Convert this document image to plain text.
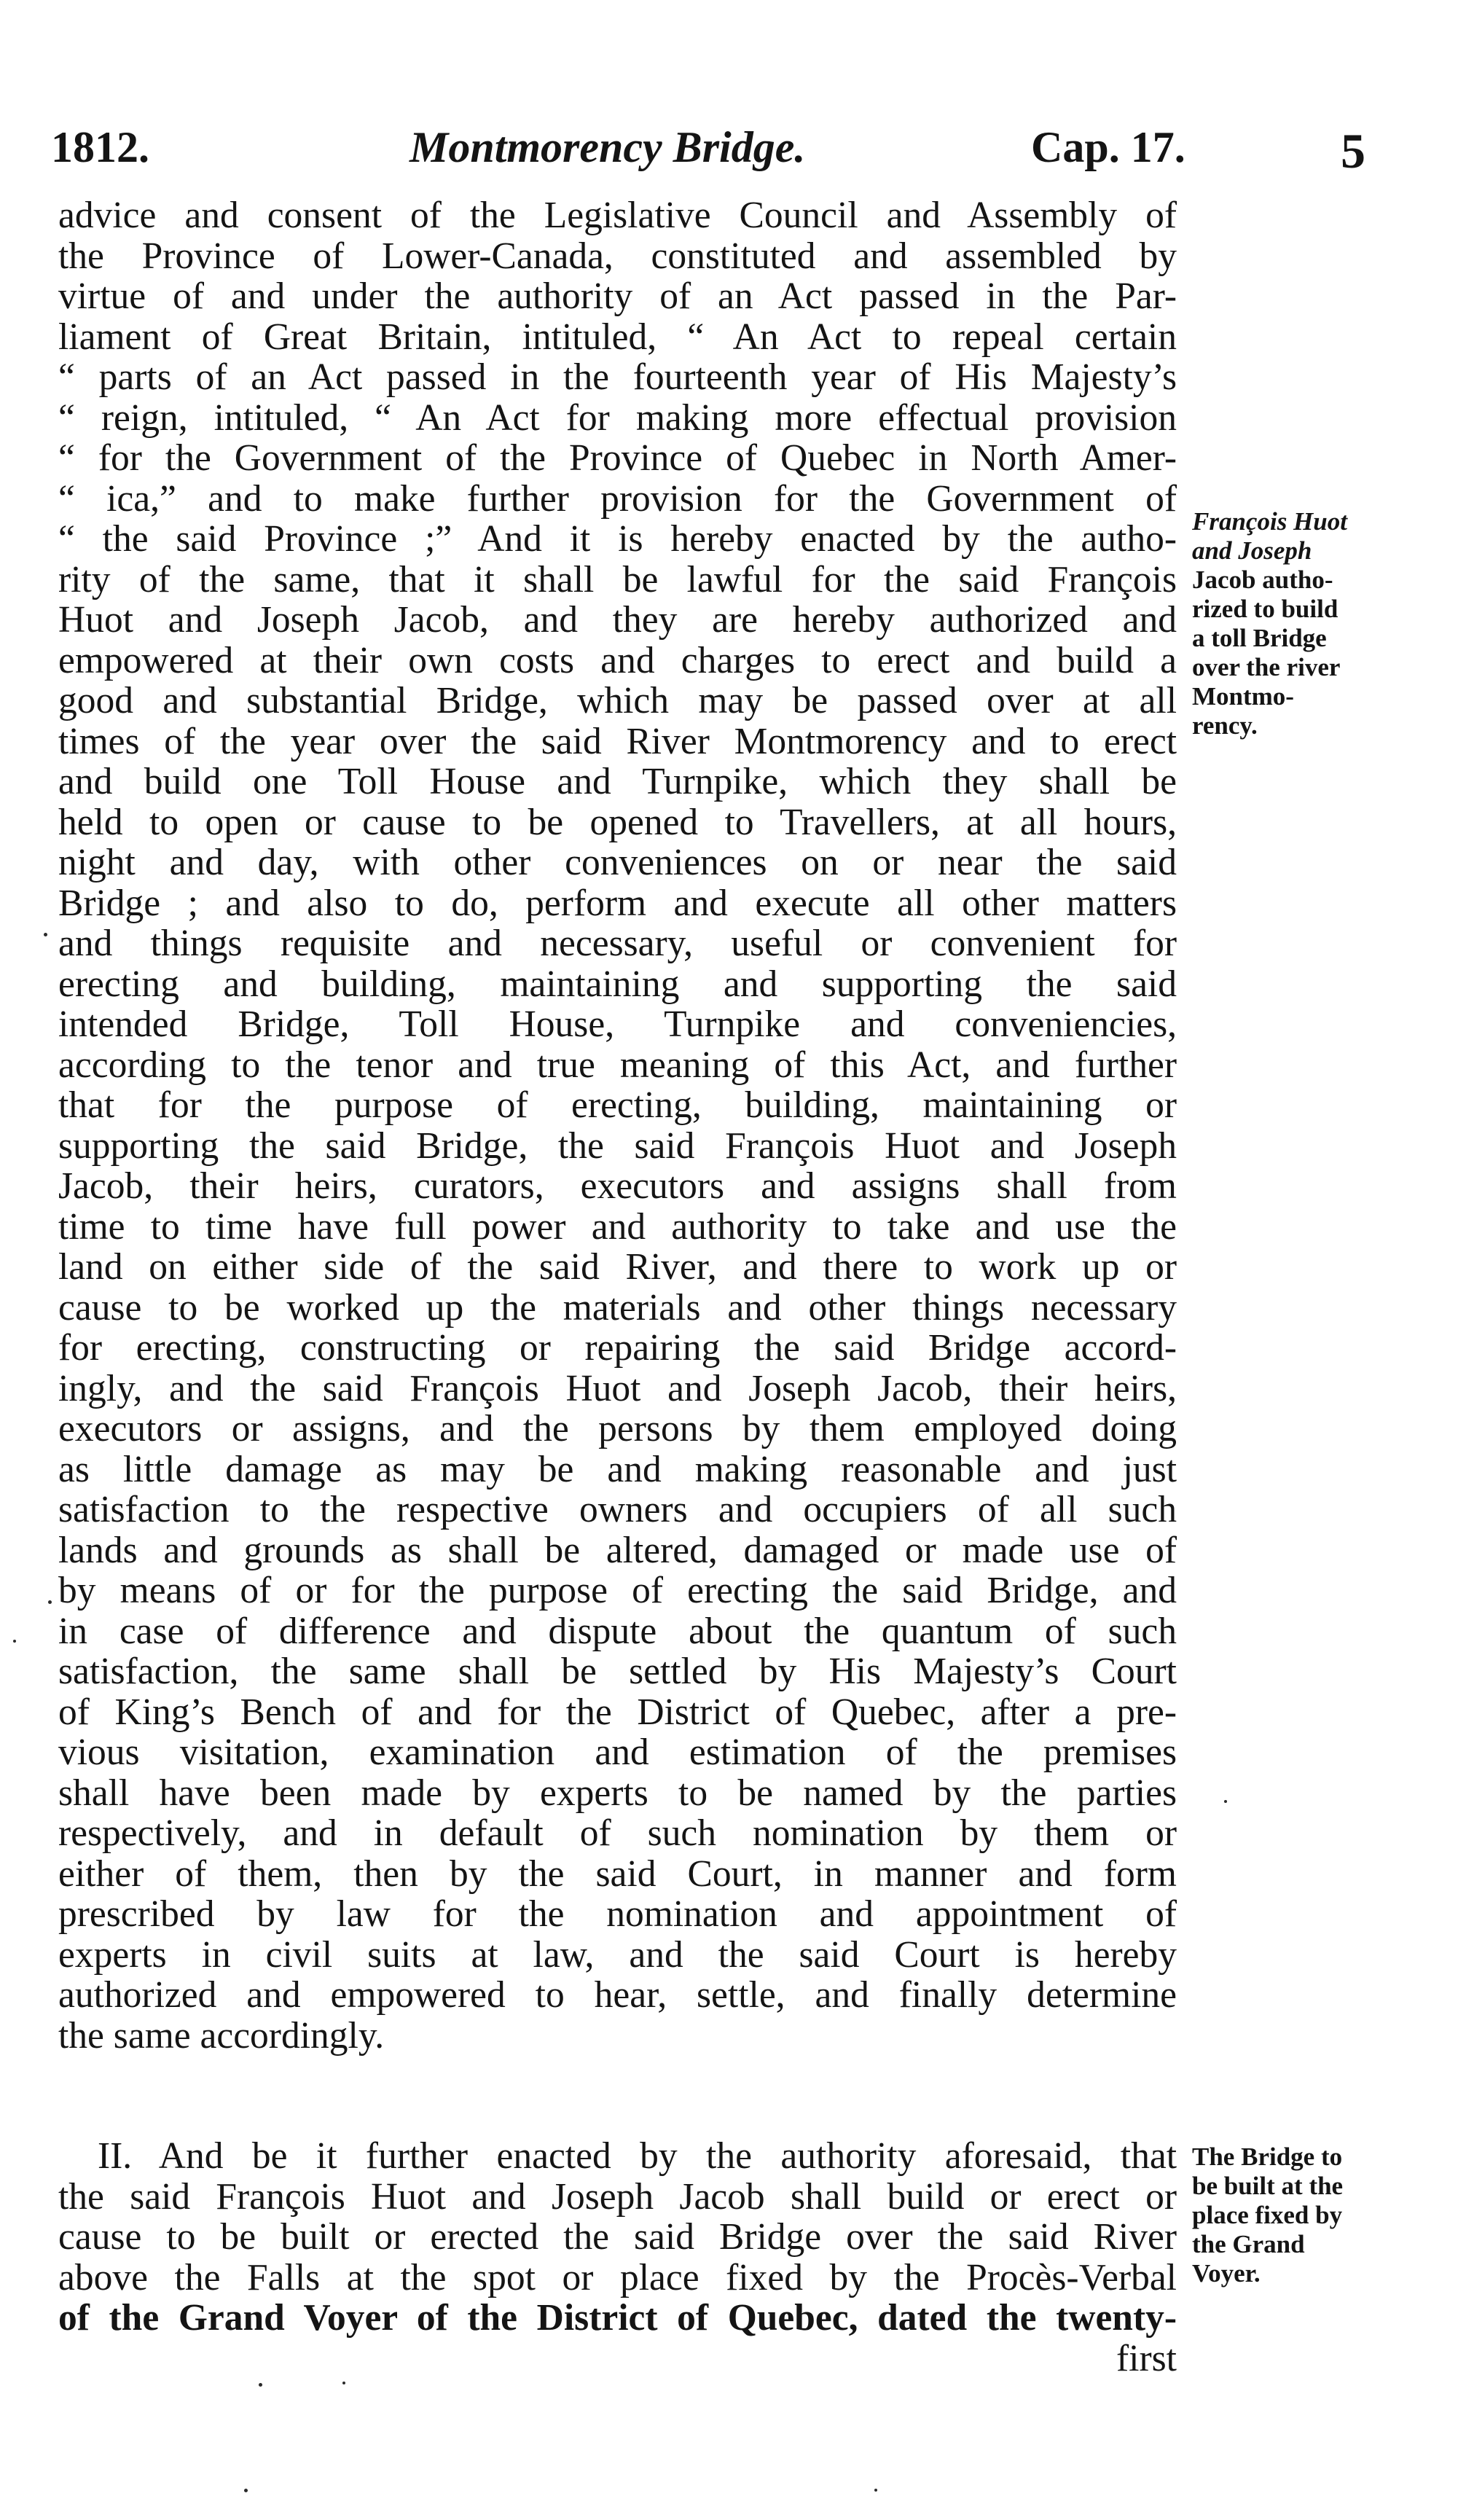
1812.	Montmorency Bridge.	Cap. 17.	5
advice and consent of the Legislative Council and Assembly of
the Province of Lower-Canada, constituted and assembled by
virtue of and under the authority of an Act passed in the Par-
liament of Great Britain, intituled, “ An Act to repeal certain
“ parts of an Act passed in the fourteenth year of His Majesty’s
“ reign, intituled, “ An Act for making more effectual provision
“ for the Government of the Province of Quebec in North Amer-
“ ica,” and to make further provision for the Government of
“ the said Province ;” And it is hereby enacted by the autho-
rity of the same, that it shall be lawful for the said François
Huot and Joseph Jacob, and they are hereby authorized and
empowered at their own costs and charges to erect and build a
good and substantial Bridge, which may be passed over at all
times of the year over the said River Montmorency and to erect
and build one Toll House and Turnpike, which they shall be
held to open or cause to be opened to Travellers, at all hours,
night and day, with other conveniences on or near the said
Bridge ; and also to do, perform and execute all other matters
and things requisite and necessary, useful or convenient for
erecting and building, maintaining and supporting the said
intended Bridge, Toll House, Turnpike and conveniencies,
according to the tenor and true meaning of this Act, and further
that for the purpose of erecting, building, maintaining or
supporting the said Bridge, the said François Huot and Joseph
Jacob, their heirs, curators, executors and assigns shall from
time to time have full power and authority to take and use the
land on either side of the said River, and there to work up or
cause to be worked up the materials and other things necessary
for erecting, constructing or repairing the said Bridge accord-
ingly, and the said François Huot and Joseph Jacob, their heirs,
executors or assigns, and the persons by them employed doing
as little damage as may be and making reasonable and just
satisfaction to the respective owners and occupiers of all such
lands and grounds as shall be altered, damaged or made use of
by means of or for the purpose of erecting the said Bridge, and
in case of difference and dispute about the quantum of such
satisfaction, the same shall be settled by His Majesty’s Court
of King’s Bench of and for the District of Quebec, after a pre-
vious visitation, examination and estimation of the premises
shall have been made by experts to be named by the parties
respectively, and in default of such nomination by them or
either of them, then by the said Court, in manner and form
prescribed by law for the nomination and appointment of
experts in civil suits at law, and the said Court is hereby
authorized and empowered to hear, settle, and finally determine
the same accordingly.
François Huot
and Joseph
Jacob autho-
rized to build
a toll Bridge
over the river
Montmo-
rency.
II. And be it further enacted by the authority aforesaid, that
the said François Huot and Joseph Jacob shall build or erect or
cause to be built or erected the said Bridge over the said River
above the Falls at the spot or place fixed by the Procès-Verbal
of the Grand Voyer of the District of Quebec, dated the twenty-
first
The Bridge to
be built at the
place fixed by
the Grand
Voyer.
